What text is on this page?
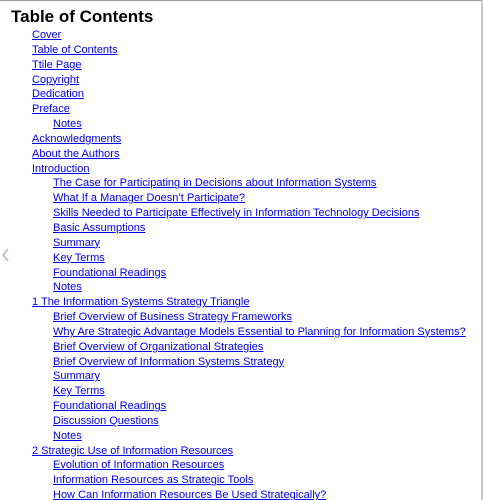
Table of Contents
Cover
Table of Contents
Ttile Page
Copyright
Dedication
Preface
Notes
Acknowledgments
About the Authors
Introduction
The Case for Participating in Decisions about Information Systems
What If a Manager Doesn’t Participate?
Skills Needed to Participate Effectively in Information Technology Decisions
Basic Assumptions
Summary
Key Terms
Foundational Readings
Notes
1 The Information Systems Strategy Triangle
Brief Overview of Business Strategy Frameworks
Why Are Strategic Advantage Models Essential to Planning for Information Systems?
Brief Overview of Organizational Strategies
Brief Overview of Information Systems Strategy
Summary
Key Terms
Foundational Readings
Discussion Questions
Notes
2 Strategic Use of Information Resources
Evolution of Information Resources
Information Resources as Strategic Tools
How Can Information Resources Be Used Strategically?
